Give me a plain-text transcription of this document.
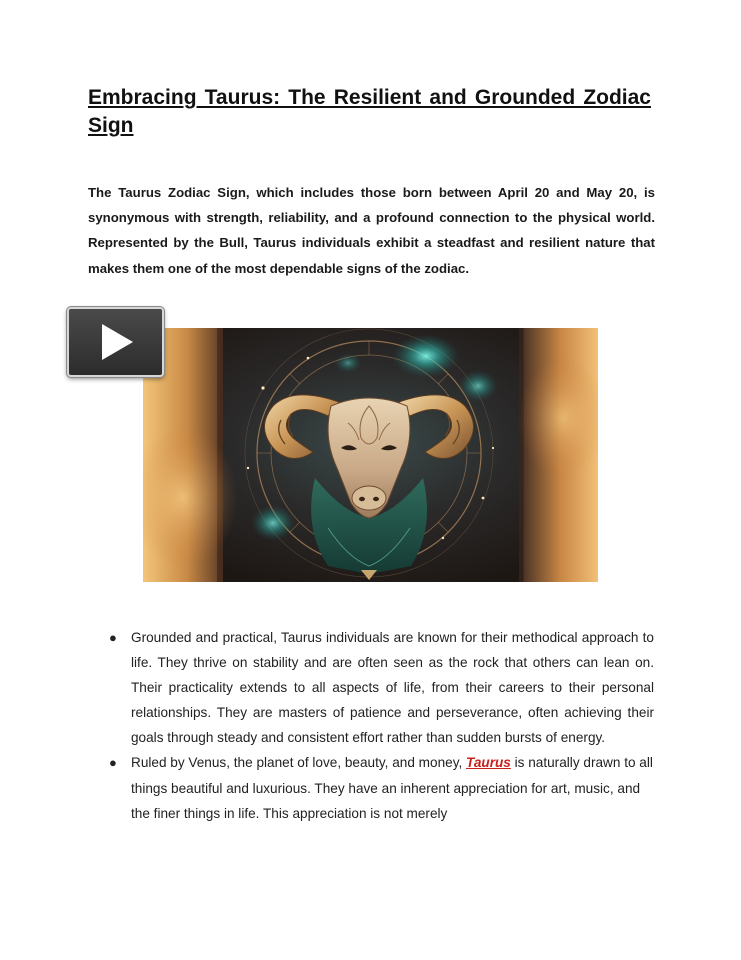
Embracing Taurus: The Resilient and Grounded Zodiac Sign

The Taurus Zodiac Sign, which includes those born between April 20 and May 20, is synonymous with strength, reliability, and a profound connection to the physical world. Represented by the Bull, Taurus individuals exhibit a steadfast and resilient nature that makes them one of the most dependable signs of the zodiac.

● Grounded and practical, Taurus individuals are known for their methodical approach to life. They thrive on stability and are often seen as the rock that others can lean on. Their practicality extends to all aspects of life, from their careers to their personal relationships. They are masters of patience and perseverance, often achieving their goals through steady and consistent effort rather than sudden bursts of energy.
● Ruled by Venus, the planet of love, beauty, and money, Taurus is naturally drawn to all things beautiful and luxurious. They have an inherent appreciation for art, music, and the finer things in life. This appreciation is not merely
